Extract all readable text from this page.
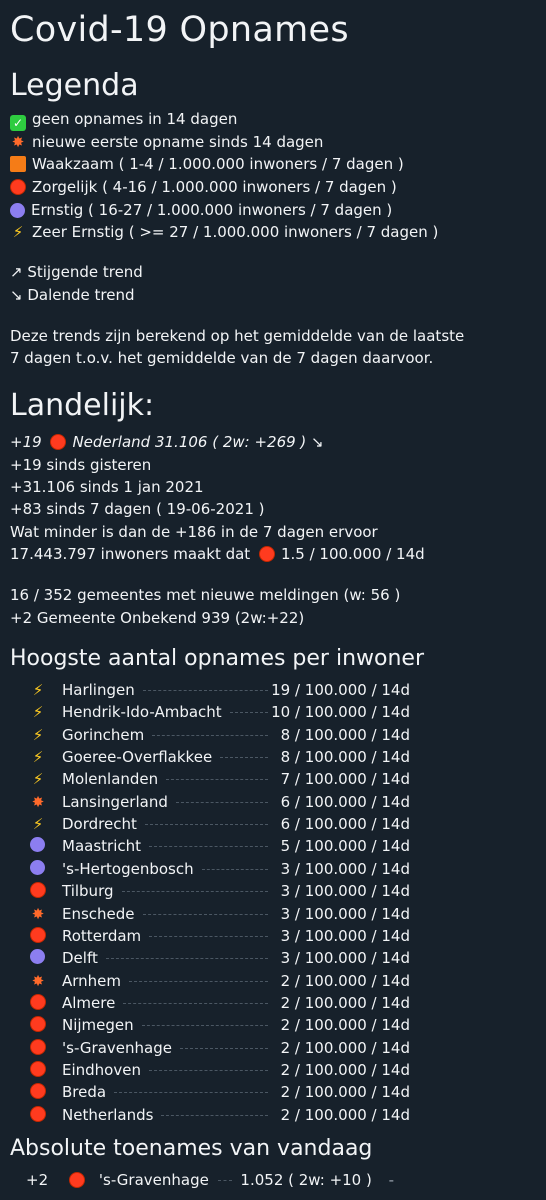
Covid-19 Opnames
Legenda
✓ geen opnames in 14 dagen
✸ nieuwe eerste opname sinds 14 dagen
Waakzaam ( 1-4 / 1.000.000 inwoners / 7 dagen )
Zorgelijk ( 4-16 / 1.000.000 inwoners / 7 dagen )
Ernstig ( 16-27 / 1.000.000 inwoners / 7 dagen )
⚡ Zeer Ernstig ( >= 27 / 1.000.000 inwoners / 7 dagen )
↗ Stijgende trend
↘ Dalende trend
Deze trends zijn berekend op het gemiddelde van de laatste
7 dagen t.o.v. het gemiddelde van de 7 dagen daarvoor.
Landelijk:
+19 Nederland 31.106 ( 2w: +269 ) ↘
+19 sinds gisteren
+31.106 sinds 1 jan 2021
+83 sinds 7 dagen ( 19-06-2021 )
Wat minder is dan de +186 in de 7 dagen ervoor
17.443.797 inwoners maakt dat 1.5 / 100.000 / 14d
16 / 352 gemeentes met nieuwe meldingen (w: 56 )
+2 Gemeente Onbekend 939 (2w:+22)
Hoogste aantal opnames per inwoner
⚡ Harlingen	19 / 100.000 / 14d
⚡ Hendrik-Ido-Ambacht	10 / 100.000 / 14d
⚡ Gorinchem	8 / 100.000 / 14d
⚡ Goeree-Overflakkee	8 / 100.000 / 14d
⚡ Molenlanden	7 / 100.000 / 14d
✸ Lansingerland	6 / 100.000 / 14d
⚡ Dordrecht	6 / 100.000 / 14d
Maastricht	5 / 100.000 / 14d
's-Hertogenbosch	3 / 100.000 / 14d
Tilburg	3 / 100.000 / 14d
✸ Enschede	3 / 100.000 / 14d
Rotterdam	3 / 100.000 / 14d
Delft	3 / 100.000 / 14d
✸ Arnhem	2 / 100.000 / 14d
Almere	2 / 100.000 / 14d
Nijmegen	2 / 100.000 / 14d
's-Gravenhage	2 / 100.000 / 14d
Eindhoven	2 / 100.000 / 14d
Breda	2 / 100.000 / 14d
Netherlands	2 / 100.000 / 14d
Absolute toenames van vandaag
+2	's-Gravenhage 1.052 ( 2w: +10 ) -
